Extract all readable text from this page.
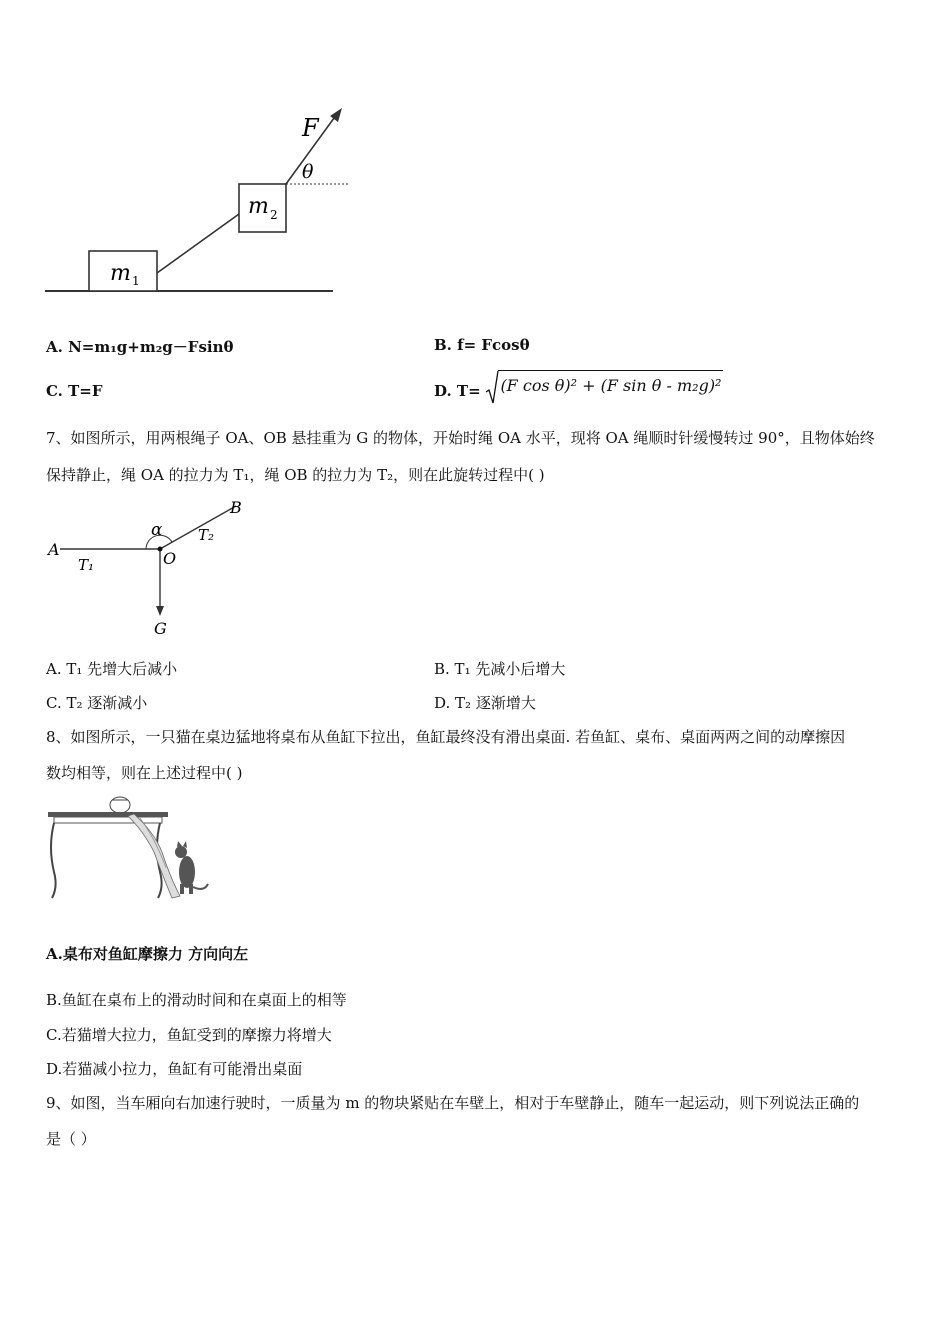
m 1
m 2
F
θ
A. N=m₁g+m₂g－Fsinθ	B. f= Fcosθ
C. T=F	D. T= (F cos θ)² + (F sin θ - m₂g)²
7、如图所示，用两根绳子 OA、OB 悬挂重为 G 的物体，开始时绳 OA 水平，现将 OA 绳顺时针缓慢转过 90°，且物体始终
保持静止，绳 OA 的拉力为 T₁，绳 OB 的拉力为 T₂，则在此旋转过程中( )
A
B
O
G
α
T₁
T₂
A. T₁ 先增大后减小	B. T₁ 先减小后增大
C. T₂ 逐渐减小	D. T₂ 逐渐增大
8、如图所示，一只猫在桌边猛地将桌布从鱼缸下拉出，鱼缸最终没有滑出桌面. 若鱼缸、桌布、桌面两两之间的动摩擦因
数均相等，则在上述过程中( )
A.桌布对鱼缸摩擦力 方向向左
B.鱼缸在桌布上的滑动时间和在桌面上的相等
C.若猫增大拉力，鱼缸受到的摩擦力将增大
D.若猫减小拉力，鱼缸有可能滑出桌面
9、如图，当车厢向右加速行驶时，一质量为 m 的物块紧贴在车壁上，相对于车壁静止，随车一起运动，则下列说法正确的
是（ ）
